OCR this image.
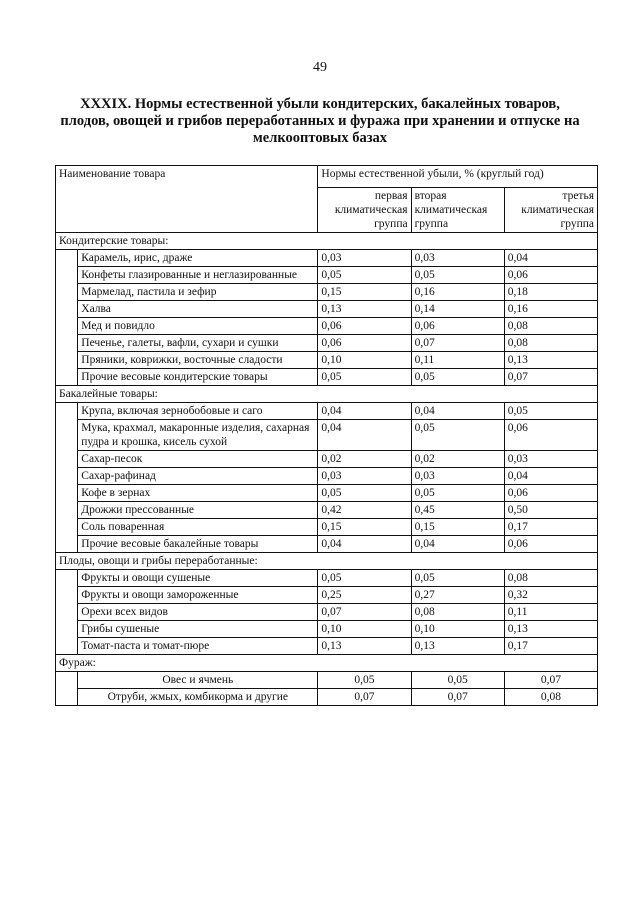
49
XXXIX. Нормы естественной убыли кондитерских, бакалейных товаров,
плодов, овощей и грибов переработанных и фуража при хранении и отпуске на
мелкооптовых базах
Наименование товара		Нормы естественной убыли, % (круглый год)		
		первая климатическая группа	вторая климатическая группа	третья климатическая группа
Кондитерские товары:				
	Карамель, ирис, драже	0,03	0,03	0,04
	Конфеты глазированные и неглазированные	0,05	0,05	0,06
	Мармелад, пастила и зефир	0,15	0,16	0,18
	Халва	0,13	0,14	0,16
	Мед и повидло	0,06	0,06	0,08
	Печенье, галеты, вафли, сухари и сушки	0,06	0,07	0,08
	Пряники, коврижки, восточные сладости	0,10	0,11	0,13
	Прочие весовые кондитерские товары	0,05	0,05	0,07
Бакалейные товары:				
	Крупа, включая зернобобовые и саго	0,04	0,04	0,05
	Мука, крахмал, макаронные изделия, сахарная пудра и крошка, кисель сухой	0,04	0,05	0,06
	Сахар-песок	0,02	0,02	0,03
	Сахар-рафинад	0,03	0,03	0,04
	Кофе в зернах	0,05	0,05	0,06
	Дрожжи прессованные	0,42	0,45	0,50
	Соль поваренная	0,15	0,15	0,17
	Прочие весовые бакалейные товары	0,04	0,04	0,06
Плоды, овощи и грибы переработанные:				
	Фрукты и овощи сушеные	0,05	0,05	0,08
	Фрукты и овощи замороженные	0,25	0,27	0,32
	Орехи всех видов	0,07	0,08	0,11
	Грибы сушеные	0,10	0,10	0,13
	Томат-паста и томат-пюре	0,13	0,13	0,17
Фураж:				
	Овес и ячмень	0,05	0,05	0,07
	Отруби, жмых, комбикорма и другие	0,07	0,07	0,08
